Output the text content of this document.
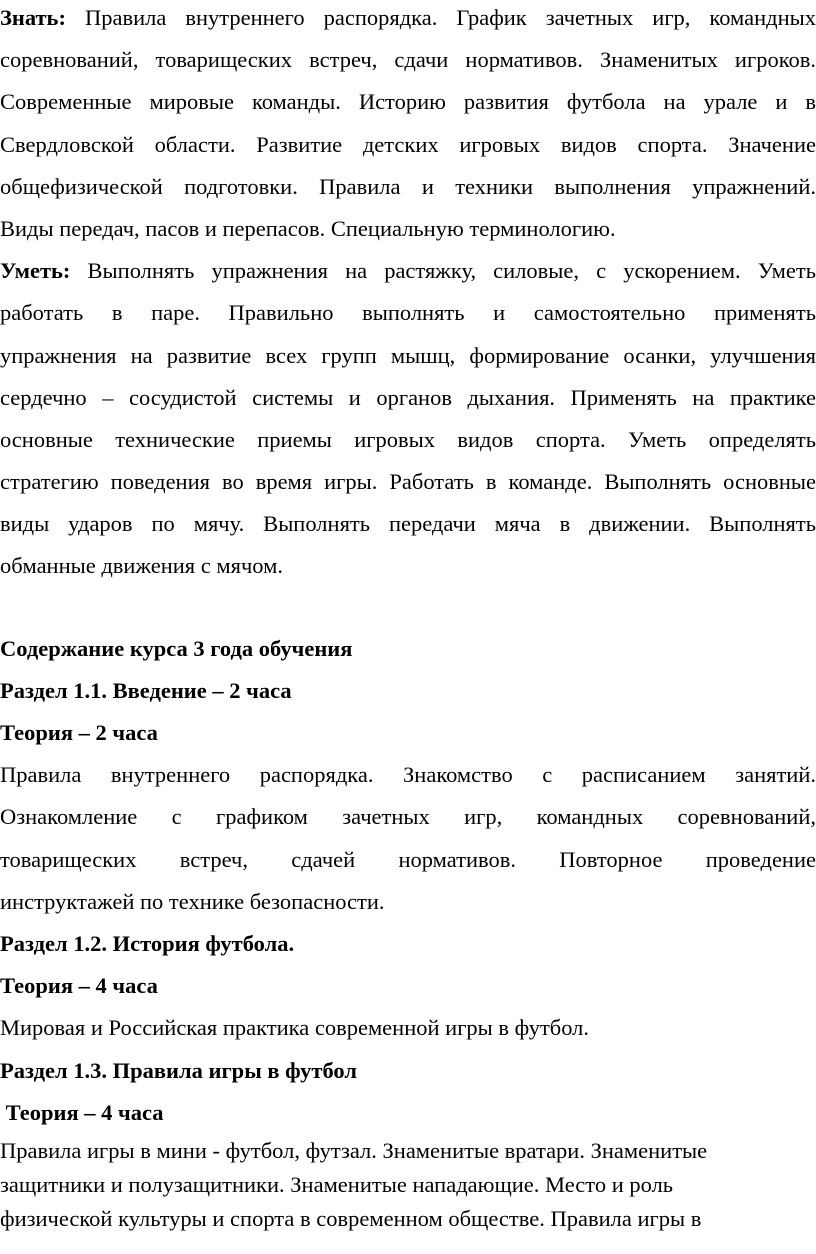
Знать: Правила внутреннего распорядка. График зачетных игр, командных
соревнований, товарищеских встреч, сдачи нормативов. Знаменитых игроков.
Современные мировые команды. Историю развития футбола на урале и в
Свердловской области. Развитие детских игровых видов спорта. Значение
общефизической подготовки. Правила и техники выполнения упражнений.
Виды передач, пасов и перепасов. Специальную терминологию.
Уметь: Выполнять упражнения на растяжку, силовые, с ускорением. Уметь
работать в паре. Правильно выполнять и самостоятельно применять
упражнения на развитие всех групп мышц, формирование осанки, улучшения
сердечно – сосудистой системы и органов дыхания. Применять на практике
основные технические приемы игровых видов спорта. Уметь определять
стратегию поведения во время игры. Работать в команде. Выполнять основные
виды ударов по мячу. Выполнять передачи мяча в движении. Выполнять
обманные движения с мячом.
Содержание курса 3 года обучения
Раздел 1.1. Введение – 2 часа
Теория – 2 часа
Правила внутреннего распорядка. Знакомство с расписанием занятий.
Ознакомление с графиком зачетных игр, командных соревнований,
товарищеских встреч, сдачей нормативов. Повторное проведение
инструктажей по технике безопасности.
Раздел 1.2. История футбола.
Теория – 4 часа
Мировая и Российская практика современной игры в футбол.
Раздел 1.3. Правила игры в футбол
Теория – 4 часа
Правила игры в мини - футбол, футзал. Знаменитые вратари. Знаменитые
защитники и полузащитники. Знаменитые нападающие. Место и роль
физической культуры и спорта в современном обществе. Правила игры в
